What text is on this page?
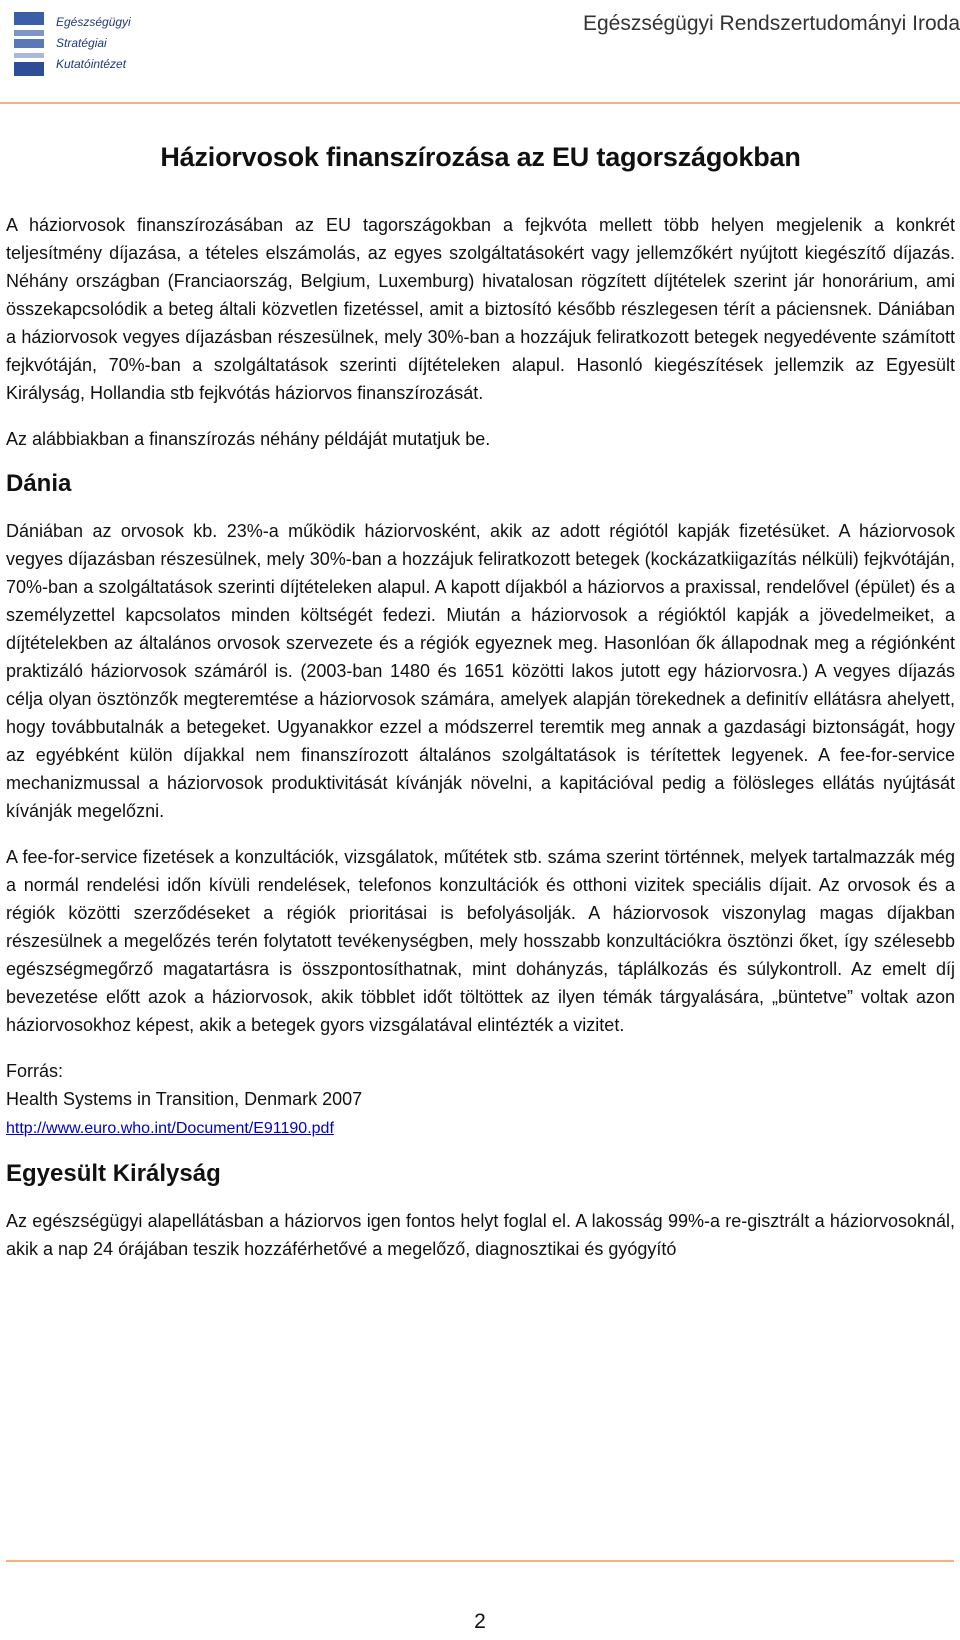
Egészségügyi
Stratégiai
Kutatóintézet
Egészségügyi Rendszertudományi Iroda
Háziorvosok finanszírozása az EU tagországokban

A háziorvosok finanszírozásában az EU tagországokban a fejkvóta mellett több helyen megjelenik a konkrét teljesítmény díjazása, a tételes elszámolás, az egyes szolgáltatásokért vagy jellemzőkért nyújtott kiegészítő díjazás. Néhány országban (Franciaország, Belgium, Luxemburg) hivatalosan rögzített díjtételek szerint jár honorárium, ami összekapcsolódik a beteg általi közvetlen fizetéssel, amit a biztosító később részlegesen térít a páciensnek. Dániában a háziorvosok vegyes díjazásban részesülnek, mely 30%-ban a hozzájuk feliratkozott betegek negyedévente számított fejkvótáján, 70%-ban a szolgáltatások szerinti díjtételeken alapul. Hasonló kiegészítések jellemzik az Egyesült Királyság, Hollandia stb fejkvótás háziorvos finanszírozását.

Az alábbiakban a finanszírozás néhány példáját mutatjuk be.

Dánia

Dániában az orvosok kb. 23%-a működik háziorvosként, akik az adott régiótól kapják fizetésüket. A háziorvosok vegyes díjazásban részesülnek, mely 30%-ban a hozzájuk feliratkozott betegek (kockázatkiigazítás nélküli) fejkvótáján, 70%-ban a szolgáltatások szerinti díjtételeken alapul. A kapott díjakból a háziorvos a praxissal, rendelővel (épület) és a személyzettel kapcsolatos minden költségét fedezi. Miután a háziorvosok a régióktól kapják a jövedelmeiket, a díjtételekben az általános orvosok szervezete és a régiók egyeznek meg. Hasonlóan ők állapodnak meg a régiónként praktizáló háziorvosok számáról is. (2003-ban 1480 és 1651 közötti lakos jutott egy háziorvosra.) A vegyes díjazás célja olyan ösztönzők megteremtése a háziorvosok számára, amelyek alapján törekednek a definitív ellátásra ahelyett, hogy továbbutalnák a betegeket. Ugyanakkor ezzel a módszerrel teremtik meg annak a gazdasági biztonságát, hogy az egyébként külön díjakkal nem finanszírozott általános szolgáltatások is térítettek legyenek. A fee-for-service mechanizmussal a háziorvosok produktivitását kívánják növelni, a kapitációval pedig a fölösleges ellátás nyújtását kívánják megelőzni.

A fee-for-service fizetések a konzultációk, vizsgálatok, műtétek stb. száma szerint történnek, melyek tartalmazzák még a normál rendelési időn kívüli rendelések, telefonos konzultációk és otthoni vizitek speciális díjait. Az orvosok és a régiók közötti szerződéseket a régiók prioritásai is befolyásolják. A háziorvosok viszonylag magas díjakban részesülnek a megelőzés terén folytatott tevékenységben, mely hosszabb konzultációkra ösztönzi őket, így szélesebb egészségmegőrző magatartásra is összpontosíthatnak, mint dohányzás, táplálkozás és súlykontroll. Az emelt díj bevezetése előtt azok a háziorvosok, akik többlet időt töltöttek az ilyen témák tárgyalására, „büntetve” voltak azon háziorvosokhoz képest, akik a betegek gyors vizsgálatával elintézték a vizitet.

Forrás:

Health Systems in Transition, Denmark 2007

http://www.euro.who.int/Document/E91190.pdf

Egyesült Királyság

Az egészségügyi alapellátásban a háziorvos igen fontos helyt foglal el. A lakosság 99%-a re-gisztrált a háziorvosoknál, akik a nap 24 órájában teszik hozzáférhetővé a megelőző, diagnosztikai és gyógyító

2
